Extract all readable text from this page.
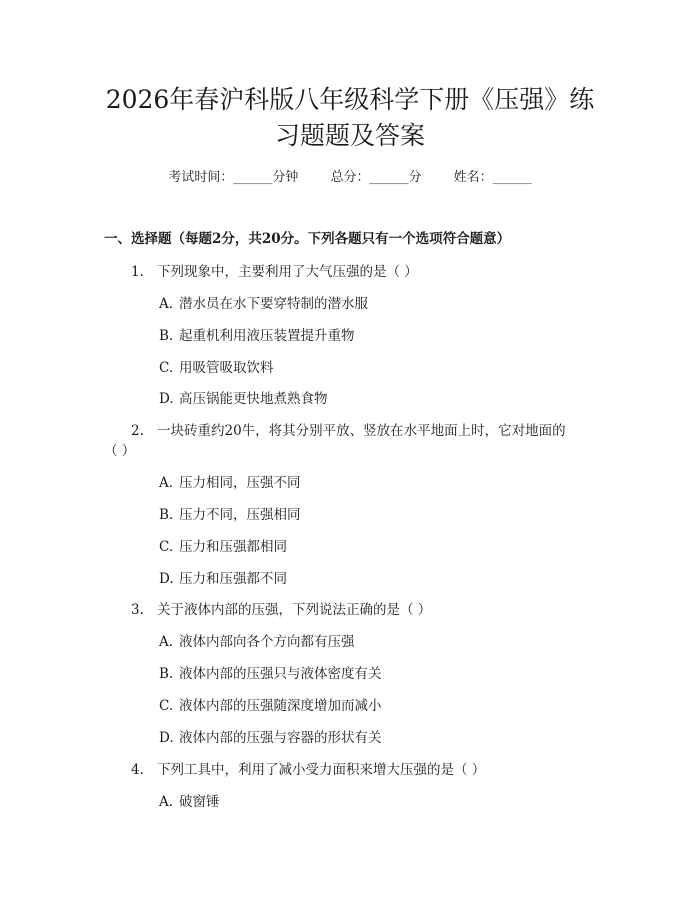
2026年春沪科版八年级科学下册《压强》练
习题题及答案
考试时间：______分钟 总分：______分 姓名：______
一、选择题（每题2分，共20分。下列各题只有一个选项符合题意）
1. 下列现象中，主要利用了大气压强的是（ ）
A. 潜水员在水下要穿特制的潜水服
B. 起重机利用液压装置提升重物
C. 用吸管吸取饮料
D. 高压锅能更快地煮熟食物
2. 一块砖重约20牛，将其分别平放、竖放在水平地面上时，它对地面的
（ ）
A. 压力相同，压强不同
B. 压力不同，压强相同
C. 压力和压强都相同
D. 压力和压强都不同
3. 关于液体内部的压强，下列说法正确的是（ ）
A. 液体内部向各个方向都有压强
B. 液体内部的压强只与液体密度有关
C. 液体内部的压强随深度增加而减小
D. 液体内部的压强与容器的形状有关
4. 下列工具中，利用了减小受力面积来增大压强的是（ ）
A. 破窗锤
